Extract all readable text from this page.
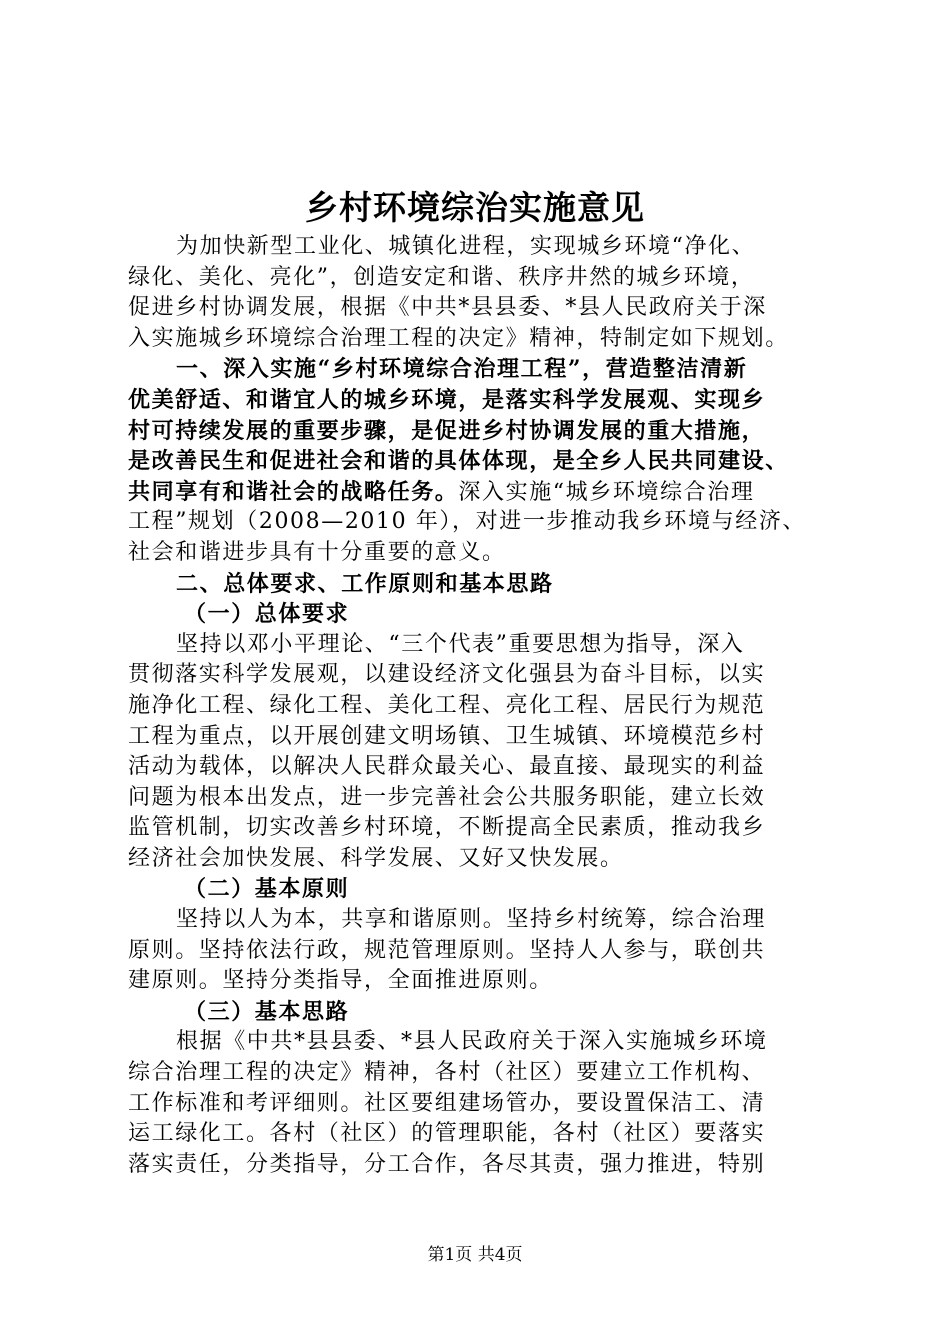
乡村环境综治实施意见
为加快新型工业化、城镇化进程，实现城乡环境“净化、
绿化、美化、亮化”，创造安定和谐、秩序井然的城乡环境，
促进乡村协调发展，根据《中共*县县委、*县人民政府关于深
入实施城乡环境综合治理工程的决定》精神，特制定如下规划。
一、深入实施“乡村环境综合治理工程”，营造整洁清新
优美舒适、和谐宜人的城乡环境，是落实科学发展观、实现乡
村可持续发展的重要步骤，是促进乡村协调发展的重大措施，
是改善民生和促进社会和谐的具体体现，是全乡人民共同建设、
共同享有和谐社会的战略任务。深入实施“城乡环境综合治理
工程”规划（2008—2010 年），对进一步推动我乡环境与经济、
社会和谐进步具有十分重要的意义。
二、总体要求、工作原则和基本思路
（一）总体要求
坚持以邓小平理论、“三个代表”重要思想为指导，深入
贯彻落实科学发展观，以建设经济文化强县为奋斗目标，以实
施净化工程、绿化工程、美化工程、亮化工程、居民行为规范
工程为重点，以开展创建文明场镇、卫生城镇、环境模范乡村
活动为载体，以解决人民群众最关心、最直接、最现实的利益
问题为根本出发点，进一步完善社会公共服务职能，建立长效
监管机制，切实改善乡村环境，不断提高全民素质，推动我乡
经济社会加快发展、科学发展、又好又快发展。
（二）基本原则
坚持以人为本，共享和谐原则。坚持乡村统筹，综合治理
原则。坚持依法行政，规范管理原则。坚持人人参与，联创共
建原则。坚持分类指导，全面推进原则。
（三）基本思路
根据《中共*县县委、*县人民政府关于深入实施城乡环境
综合治理工程的决定》精神，各村（社区）要建立工作机构、
工作标准和考评细则。社区要组建场管办，要设置保洁工、清
运工绿化工。各村（社区）的管理职能，各村（社区）要落实
落实责任，分类指导，分工合作，各尽其责，强力推进，特别
第1页 共4页
